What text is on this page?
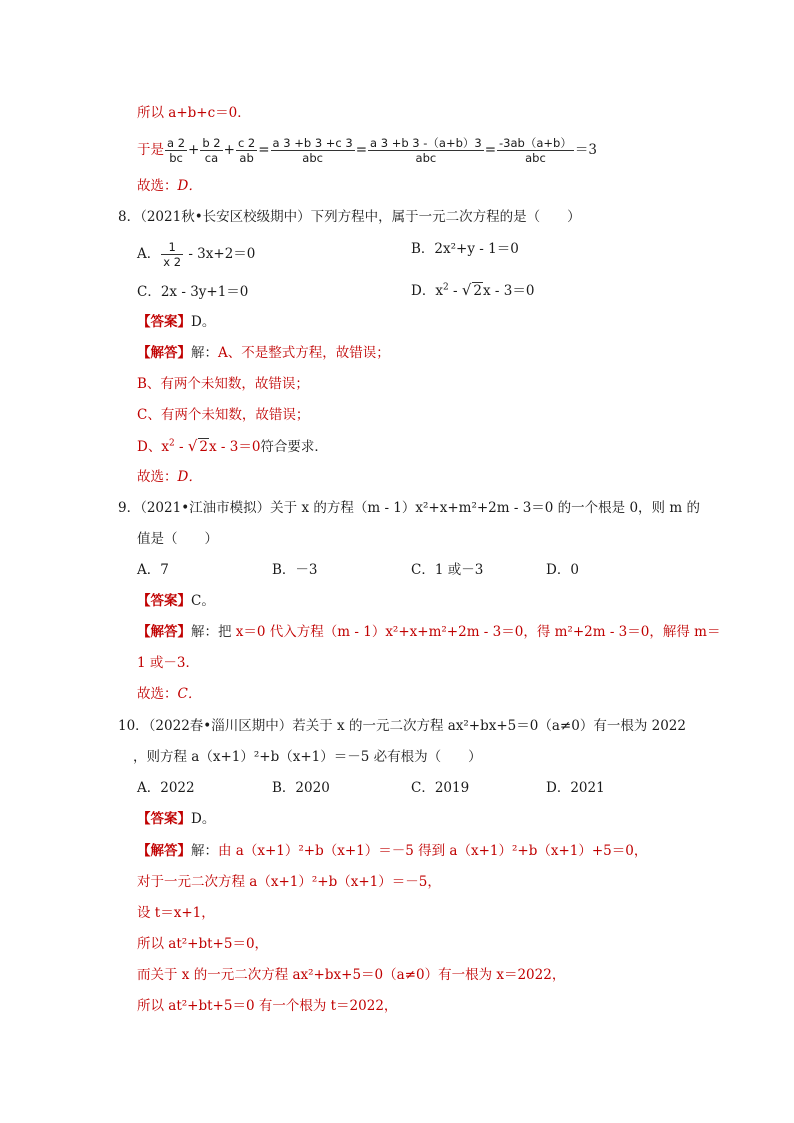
所以 a+b+c＝0．
于是 $\frac{a 2}{bc} + \frac{b 2}{ca} + \frac{c 2}{ab} = \frac{a 3 +b 3 +c 3}{\text{abc}} = \frac{a 3 +b 3 -(a+b)3}{\text{abc}} = \frac{-3ab(a+b)}{\text{abc}} =3$
故选：D．
8．（2021秋•长安区校级期中）下列方程中，属于一元二次方程的是（　　）
A． $\frac{1}{x 2} - 3x+2=0$	B．2x²+y - 1＝0
C．2x - 3y+1＝0	D．$x^2$ - √ 2x - 3＝0
【答案】D。
【解答】解：A、不是整式方程，故错误；
B、有两个未知数，故错误；
C、有两个未知数，故错误；
D、$x^2$ - √ 2x - 3＝0符合要求．
故选：D．
9．（2021•江油市模拟）关于 x 的方程（m - 1）x²+x+m²+2m - 3＝0 的一个根是 0，则 m 的
值是（　　）
A．7	B．－3	C．1 或－3	D．0
【答案】C。
【解答】解：把 x＝0 代入方程（m - 1）x²+x+m²+2m - 3＝0，得 m²+2m - 3＝0，解得 m＝
1 或－3．
故选：C．
10．（2022春•淄川区期中）若关于 x 的一元二次方程 ax²+bx+5＝0（a≠0）有一根为 2022
，则方程 a（x+1）²+b（x+1）＝－5 必有根为（　　）
A．2022	B．2020	C．2019	D．2021
【答案】D。
【解答】解：由 a（x+1）²+b（x+1）＝－5 得到 a（x+1）²+b（x+1）+5＝0，
对于一元二次方程 a（x+1）²+b（x+1）＝－5，
设 t＝x+1，
所以 at²+bt+5＝0，
而关于 x 的一元二次方程 ax²+bx+5＝0（a≠0）有一根为 x＝2022，
所以 at²+bt+5＝0 有一个根为 t＝2022，
